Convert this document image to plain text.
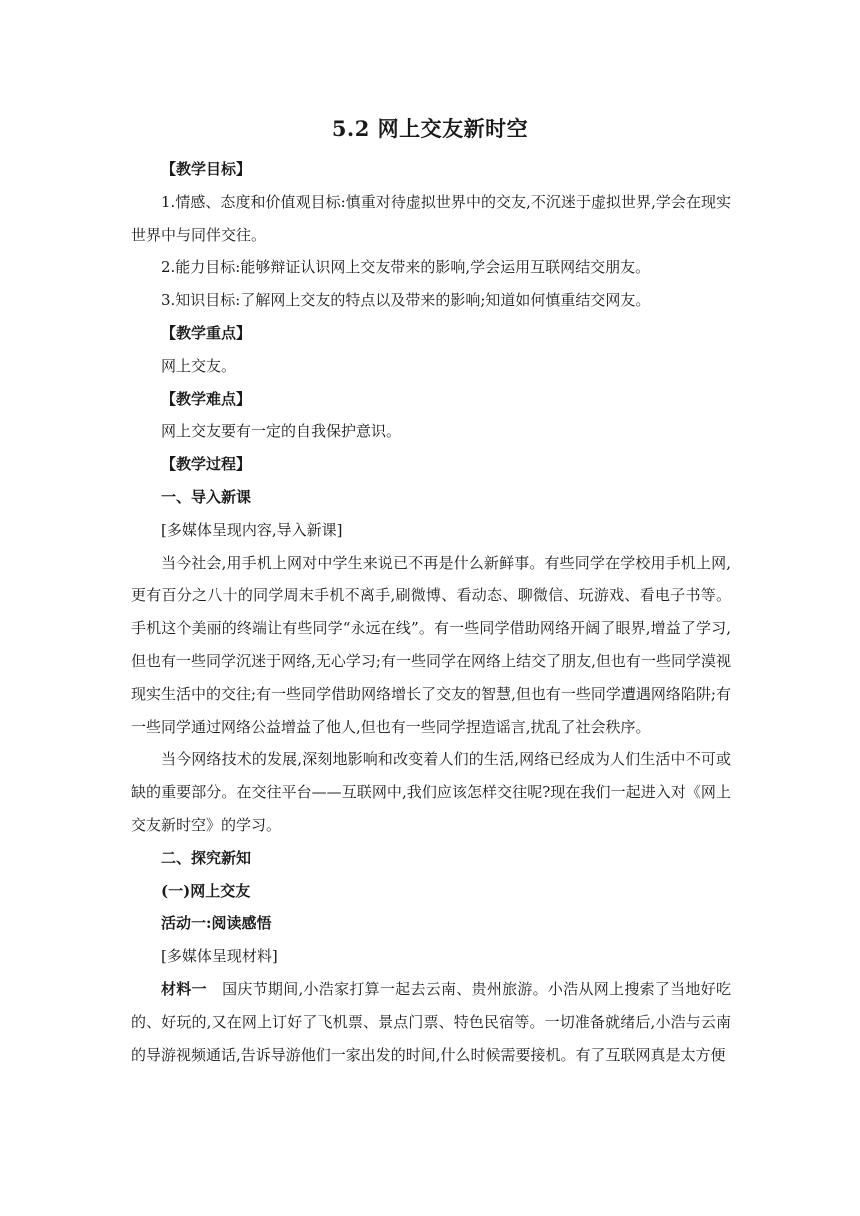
5.2 网上交友新时空

【教学目标】

1.情感、态度和价值观目标:慎重对待虚拟世界中的交友,不沉迷于虚拟世界,学会在现实世界中与同伴交往。

2.能力目标:能够辩证认识网上交友带来的影响,学会运用互联网结交朋友。

3.知识目标:了解网上交友的特点以及带来的影响;知道如何慎重结交网友。

【教学重点】

网上交友。

【教学难点】

网上交友要有一定的自我保护意识。

【教学过程】

一、导入新课

[多媒体呈现内容,导入新课]

当今社会,用手机上网对中学生来说已不再是什么新鲜事。有些同学在学校用手机上网,更有百分之八十的同学周末手机不离手,刷微博、看动态、聊微信、玩游戏、看电子书等。手机这个美丽的终端让有些同学“永远在线”。有一些同学借助网络开阔了眼界,增益了学习,但也有一些同学沉迷于网络,无心学习;有一些同学在网络上结交了朋友,但也有一些同学漠视现实生活中的交往;有一些同学借助网络增长了交友的智慧,但也有一些同学遭遇网络陷阱;有一些同学通过网络公益增益了他人,但也有一些同学捏造谣言,扰乱了社会秩序。

当今网络技术的发展,深刻地影响和改变着人们的生活,网络已经成为人们生活中不可或缺的重要部分。在交往平台——互联网中,我们应该怎样交往呢?现在我们一起进入对《网上交友新时空》的学习。

二、探究新知

(一)网上交友

活动一:阅读感悟

[多媒体呈现材料]

材料一　 国庆节期间,小浩家打算一起去云南、贵州旅游。小浩从网上搜索了当地好吃的、好玩的,又在网上订好了飞机票、景点门票、特色民宿等。一切准备就绪后,小浩与云南的导游视频通话,告诉导游他们一家出发的时间,什么时候需要接机。有了互联网真是太方便
